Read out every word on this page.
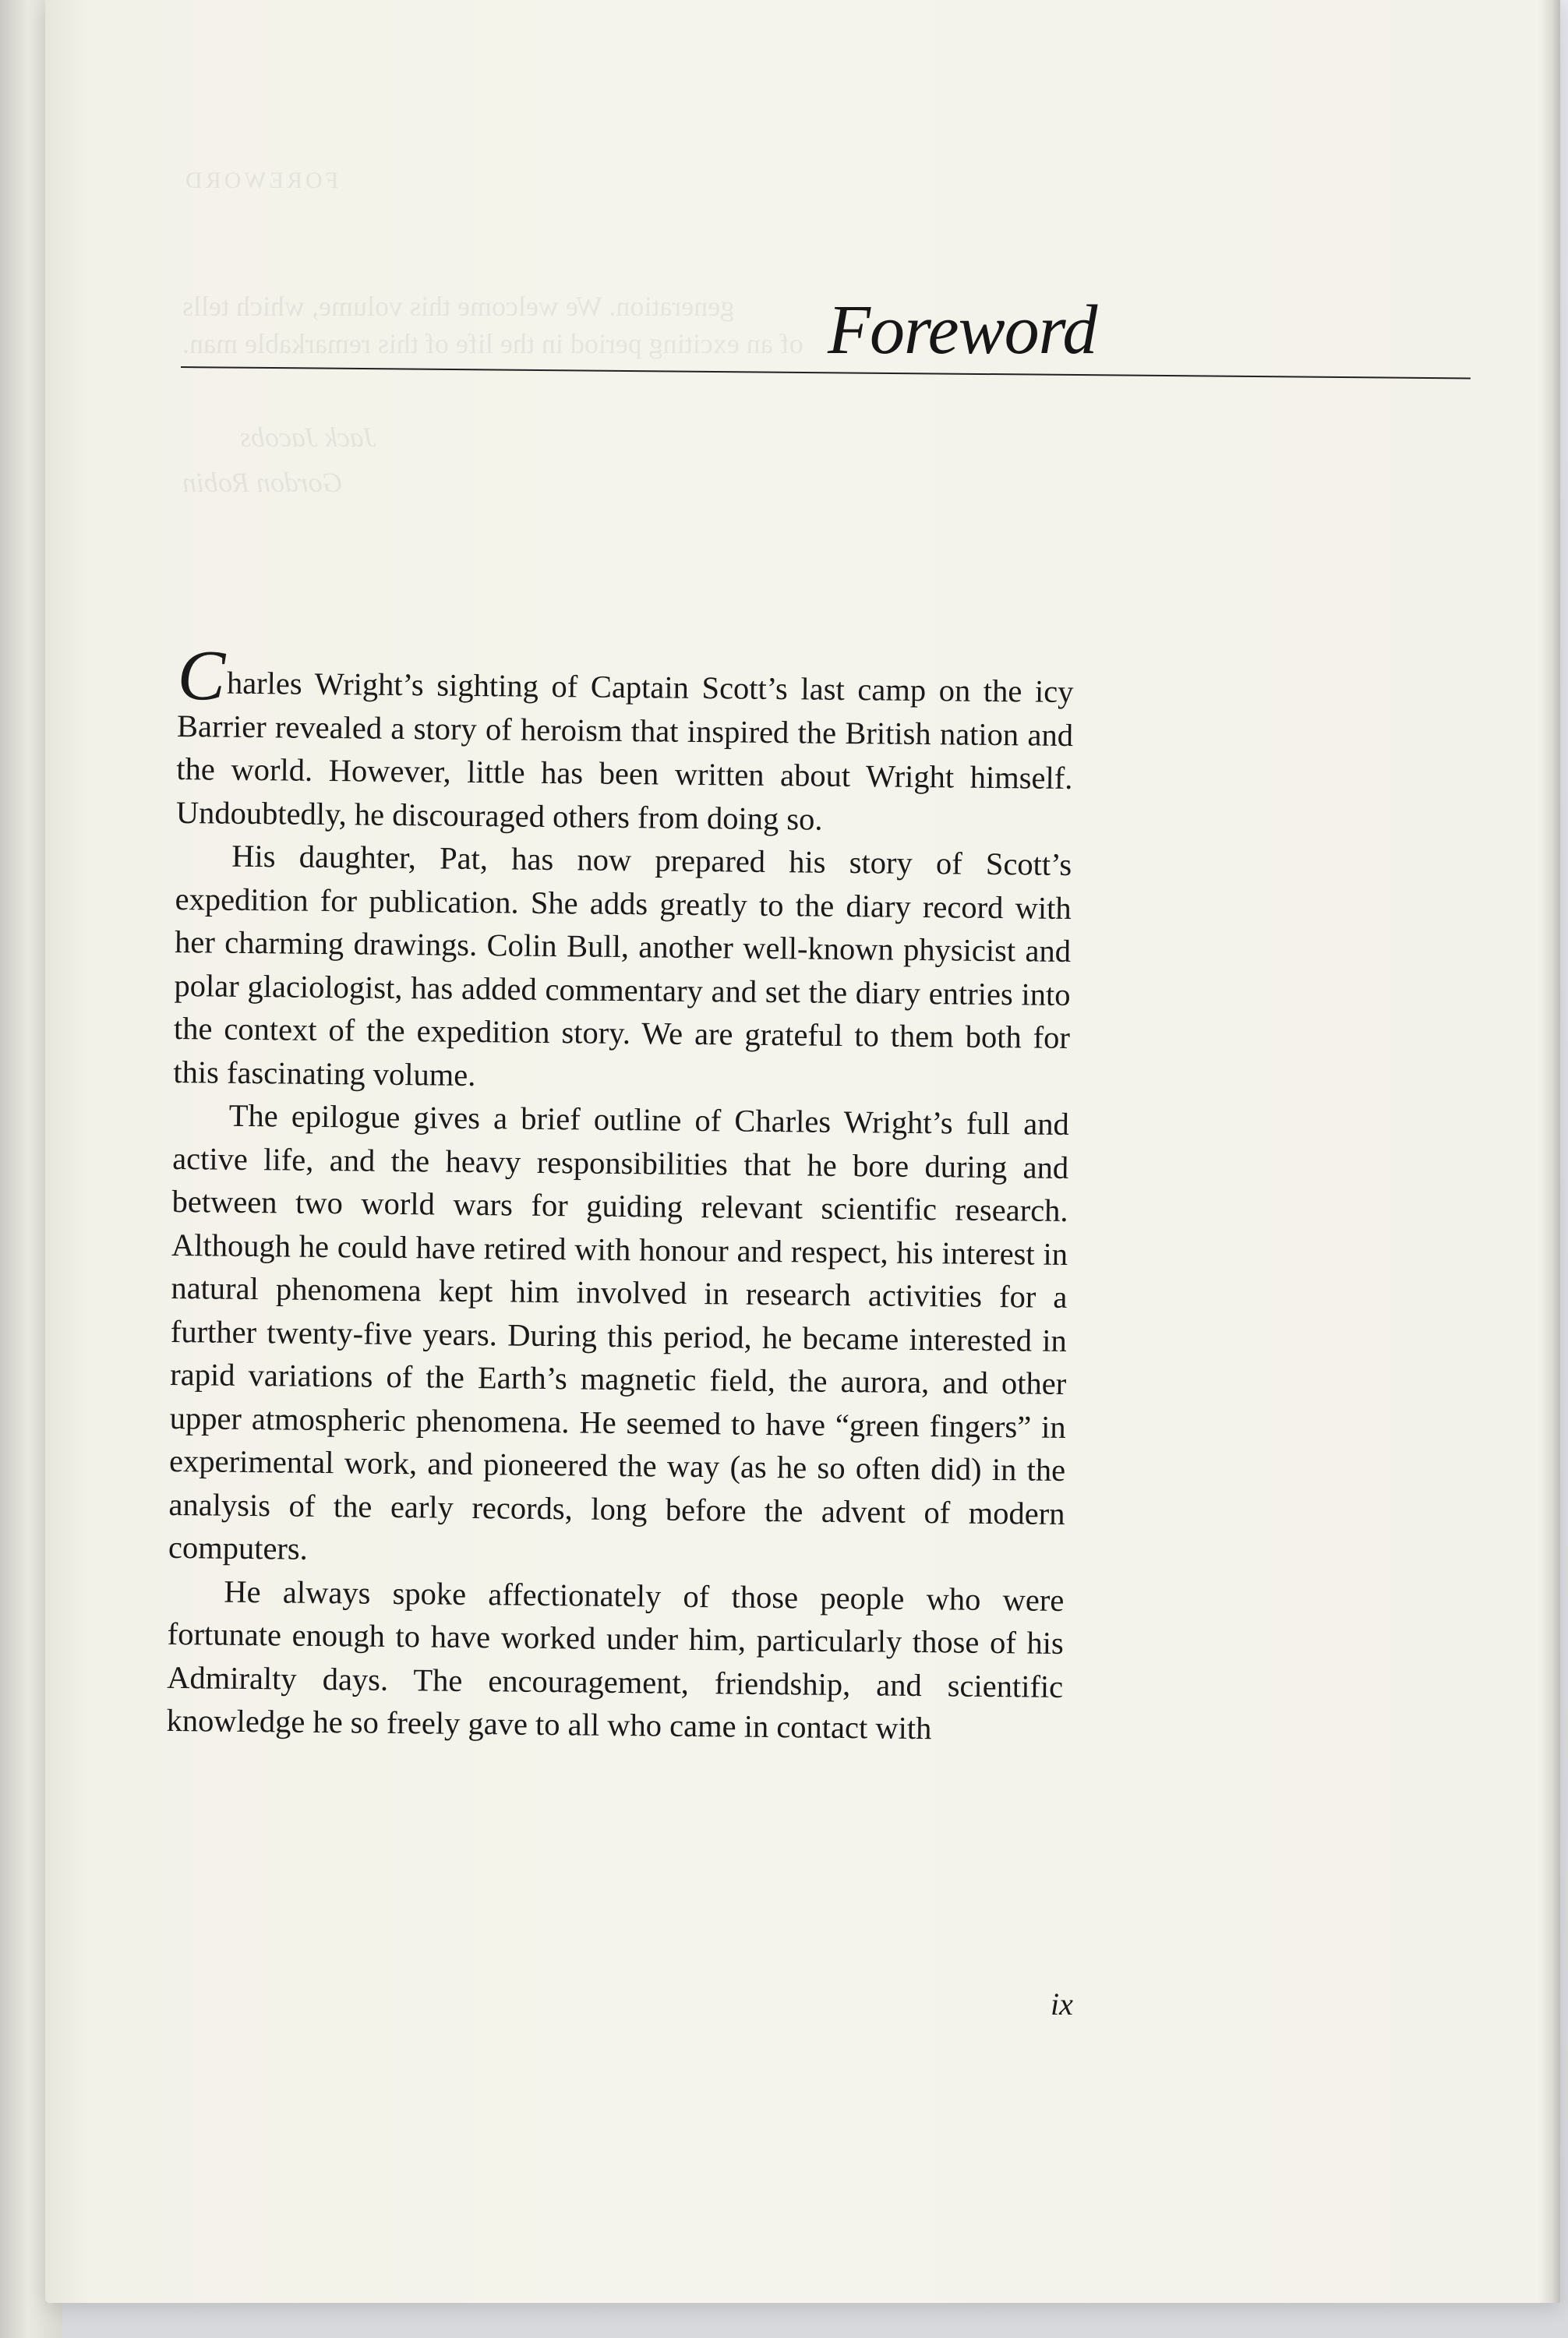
FOREWORD
generation. We welcome this volume, which tells
of an exciting period in the life of this remarkable man.
Jack Jacobs
Gordon Robin
Foreword

Charles Wright’s sighting of Captain Scott’s last camp on the icy Barrier revealed a story of heroism that inspired the British nation and the world. However, little has been written about Wright himself. Undoubtedly, he discouraged others from doing so.

His daughter, Pat, has now prepared his story of Scott’s expedition for publication. She adds greatly to the diary record with her charming drawings. Colin Bull, another well-known physicist and polar glaciologist, has added commentary and set the diary entries into the context of the expedition story. We are grateful to them both for this fascinating volume.

The epilogue gives a brief outline of Charles Wright’s full and active life, and the heavy responsibilities that he bore during and between two world wars for guiding relevant scientific research. Although he could have retired with honour and respect, his interest in natural phenomena kept him involved in research activities for a further twenty-five years. During this period, he became interested in rapid variations of the Earth’s magnetic field, the aurora, and other upper atmospheric phenomena. He seemed to have “green fingers” in experimental work, and pioneered the way (as he so often did) in the analysis of the early records, long before the advent of modern computers.

He always spoke affectionately of those people who were fortunate enough to have worked under him, particularly those of his Admiralty days. The encouragement, friendship, and scientific knowledge he so freely gave to all who came in contact with

ix
